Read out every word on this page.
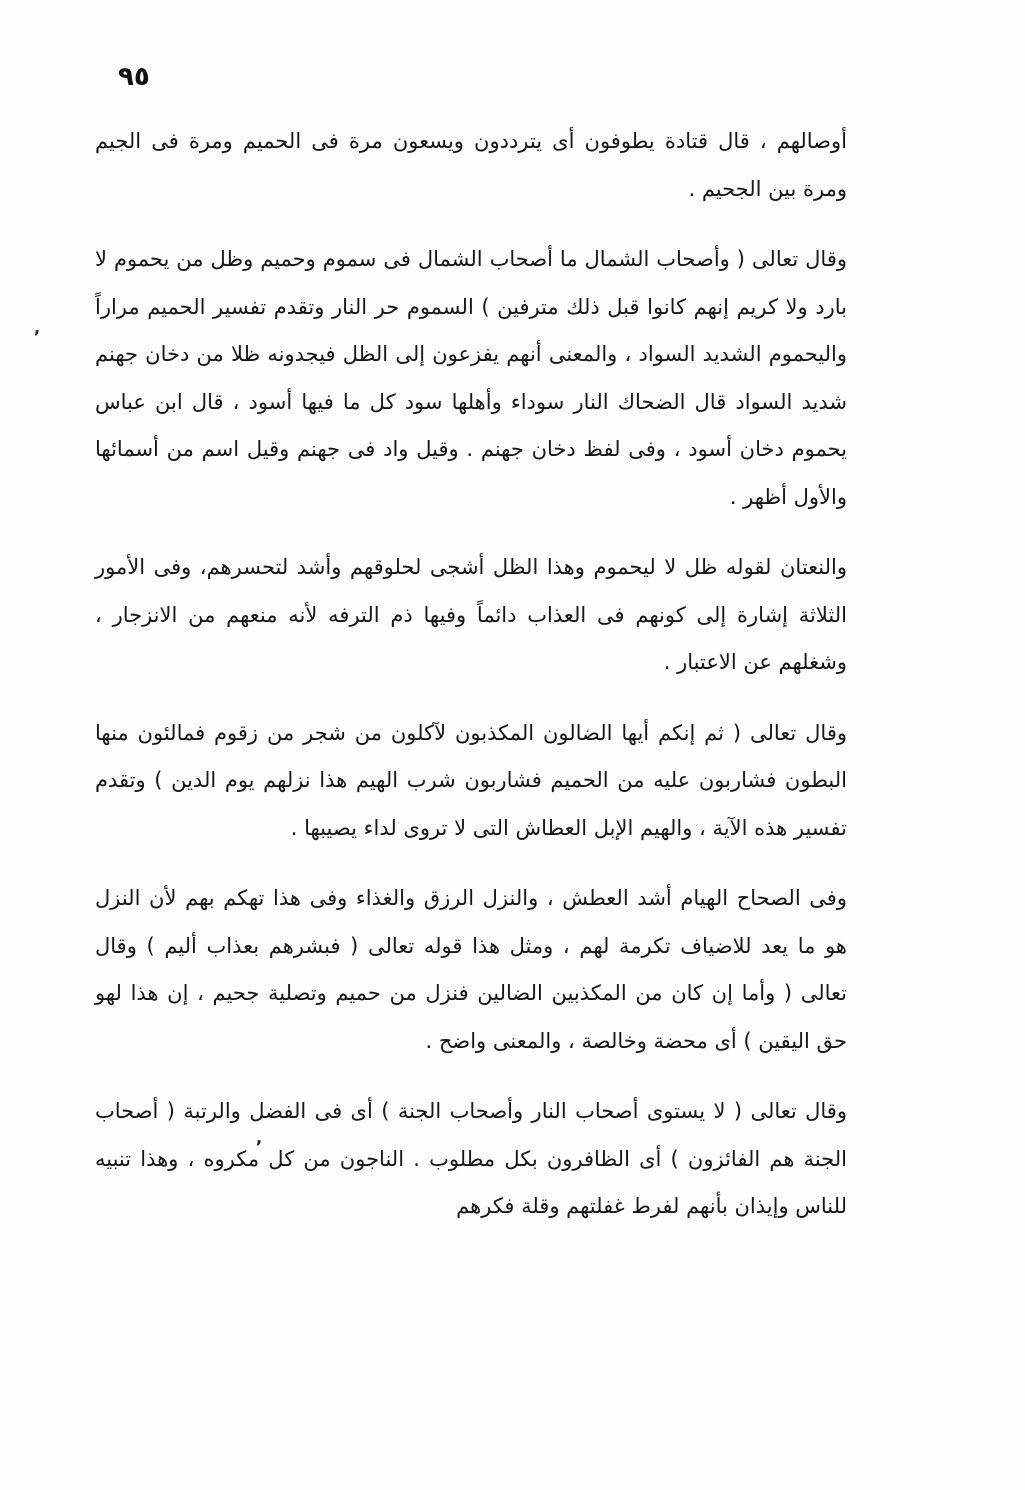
٩٥

أوصالهم ، قال قتادة يطوفون أى يترددون ويسعون مرة فى الحميم ومرة فى الجيم ومرة بين الجحيم .

وقال تعالى ( وأصحاب الشمال ما أصحاب الشمال فى سموم وحميم وظل من يحموم لا بارد ولا كريم إنهم كانوا قبل ذلك مترفين ) السموم حر النار وتقدم تفسير الحميم مراراً واليحموم الشديد السواد ، والمعنى أنهم يفزعون إلى الظل فيجدونه ظلا من دخان جهنم شديد السواد قال الضحاك النار سوداء وأهلها سود كل ما فيها أسود ، قال ابن عباس يحموم دخان أسود ، وفى لفظ دخان جهنم . وقيل واد فى جهنم وقيل اسم من أسمائها والأول أظهر .

والنعتان لقوله ظل لا ليحموم وهذا الظل أشجى لحلوقهم وأشد لتحسرهم، وفى الأمور الثلاثة إشارة إلى كونهم فى العذاب دائماً وفيها ذم الترفه لأنه منعهم من الانزجار ، وشغلهم عن الاعتبار .

وقال تعالى ( ثم إنكم أيها الضالون المكذبون لآكلون من شجر من زقوم فمالئون منها البطون فشاربون عليه من الحميم فشاربون شرب الهيم هذا نزلهم يوم الدين ) وتقدم تفسير هذه الآية ، والهيم الإبل العطاش التى لا تروى لداء يصيبها .

وفى الصحاح الهيام أشد العطش ، والنزل الرزق والغذاء وفى هذا تهكم بهم لأن النزل هو ما يعد للاضياف تكرمة لهم ، ومثل هذا قوله تعالى ( فبشرهم بعذاب أليم ) وقال تعالى ( وأما إن كان من المكذبين الضالين فنزل من حميم وتصلية جحيم ، إن هذا لهو حق اليقين ) أى محضة وخالصة ، والمعنى واضح .

وقال تعالى ( لا يستوى أصحاب النار وأصحاب الجنة ) أى فى الفضل والرتبة ( أصحاب الجنة هم الفائزون ) أى الظافرون بكل مطلوب . الناجون من كل مكروه ، وهذا تنبيه للناس وإيذان بأنهم لفرط غفلتهم وقلة فكرهم

,
,
